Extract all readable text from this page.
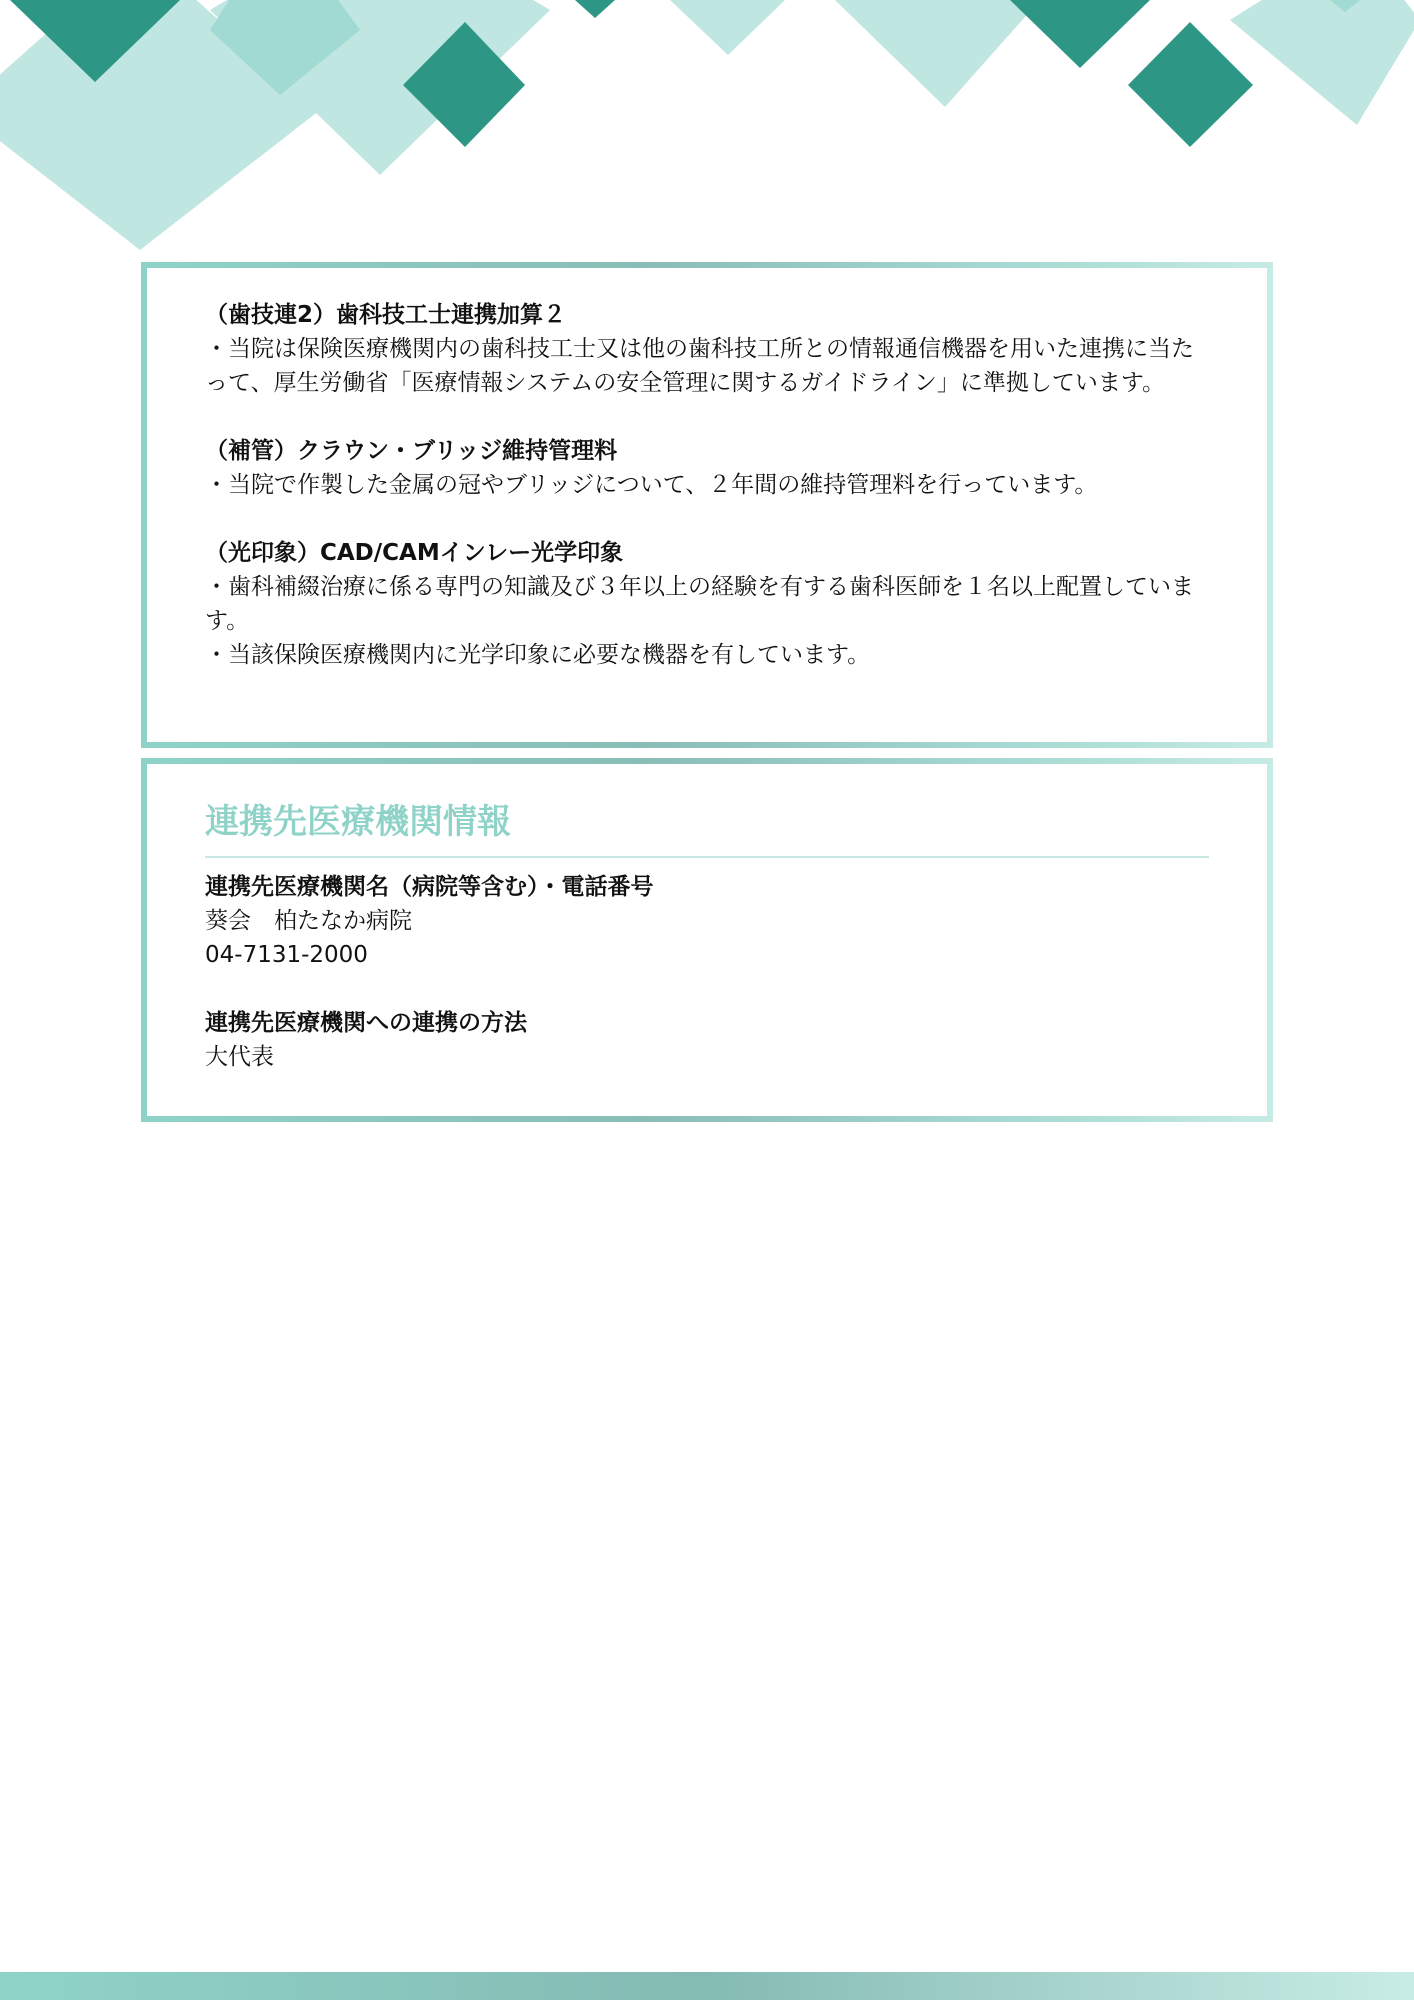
（歯技連2）歯科技工士連携加算２

・当院は保険医療機関内の歯科技工士又は他の歯科技工所との情報通信機器を用いた連携に当たって、厚生労働省「医療情報システムの安全管理に関するガイドライン」に準拠しています。

（補管）クラウン・ブリッジ維持管理料

・当院で作製した金属の冠やブリッジについて、２年間の維持管理料を行っています。

（光印象）CAD/CAMインレー光学印象

・歯科補綴治療に係る専門の知識及び３年以上の経験を有する歯科医師を１名以上配置しています。

・当該保険医療機関内に光学印象に必要な機器を有しています。

連携先医療機関情報

連携先医療機関名（病院等含む）・電話番号

葵会　柏たなか病院

04-7131-2000

連携先医療機関への連携の方法

大代表
